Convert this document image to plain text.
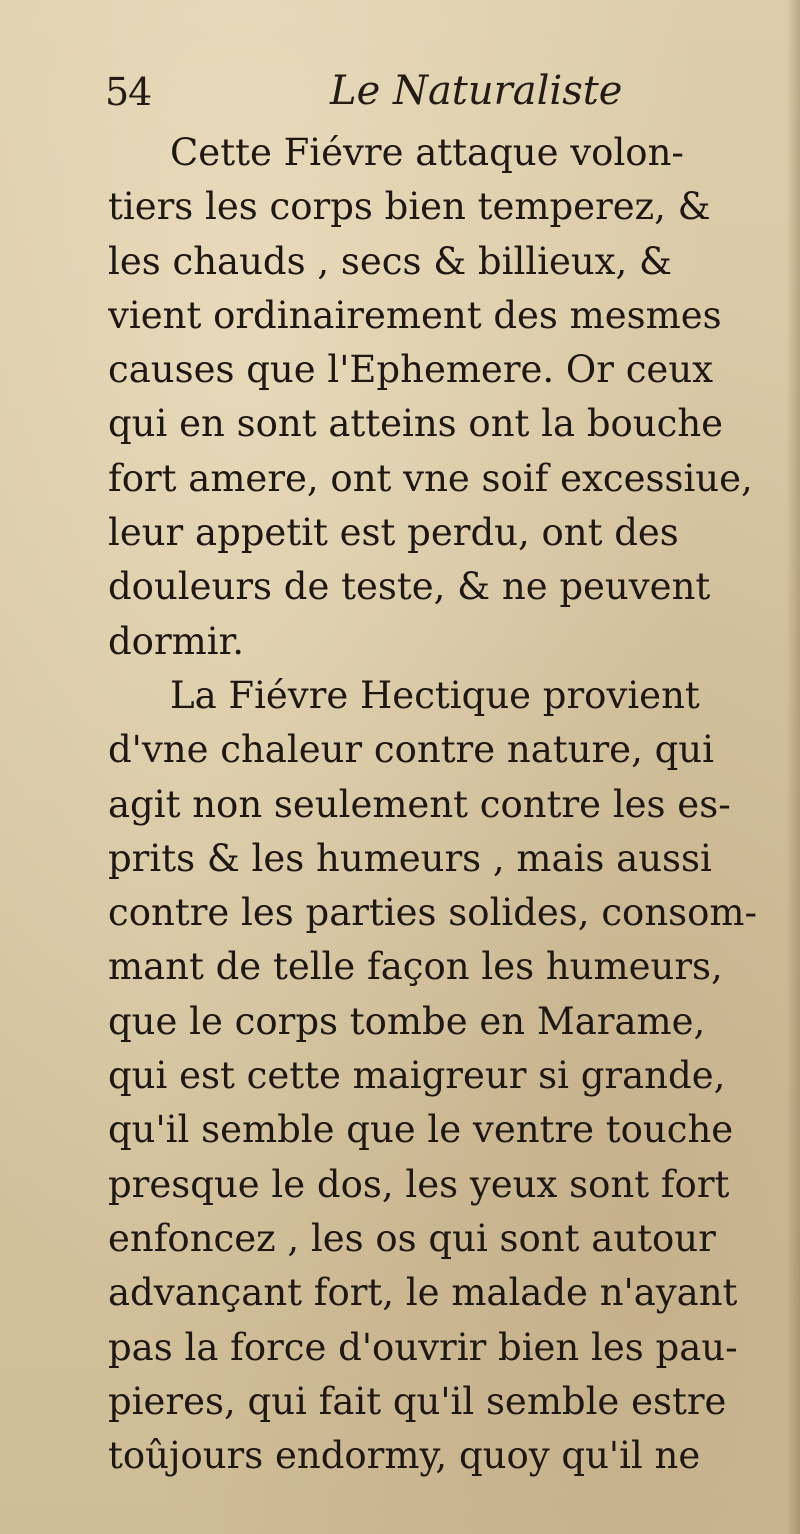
54	Le Naturaliste
Cette Fiévre attaque volon-
tiers les corps bien temperez, &
les chauds , secs & billieux, &
vient ordinairement des mesmes
causes que l'Ephemere. Or ceux
qui en sont atteins ont la bouche
fort amere, ont vne soif excessiue,
leur appetit est perdu, ont des
douleurs de teste, & ne peuvent
dormir.
La Fiévre Hectique provient
d'vne chaleur contre nature, qui
agit non seulement contre les es-
prits & les humeurs , mais aussi
contre les parties solides, consom-
mant de telle façon les humeurs,
que le corps tombe en Marame,
qui est cette maigreur si grande,
qu'il semble que le ventre touche
presque le dos, les yeux sont fort
enfoncez , les os qui sont autour
advançant fort, le malade n'ayant
pas la force d'ouvrir bien les pau-
pieres, qui fait qu'il semble estre
toûjours endormy, quoy qu'il ne
